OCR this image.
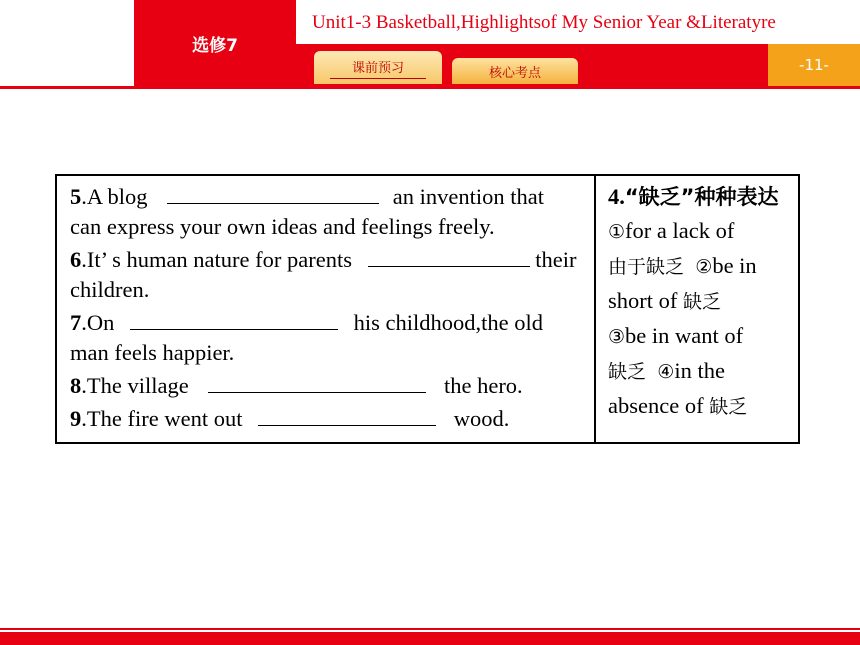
选修7
Unit1-3 Basketball,Highlightsof My Senior Year &Literatyre
课前预习	核心考点	-11-
5.A blog	an invention that can express your own ideas and feelings freely.
6.It’ s human nature for parents	their children.
7.On	his childhood,the old man feels happier.
8.The village	the hero.
9.The fire went out	wood.
4.“缺乏”种种表达
①for a lack of
由于缺乏 ②be in short of 缺乏
③be in want of
缺乏 ④in the absence of 缺乏
